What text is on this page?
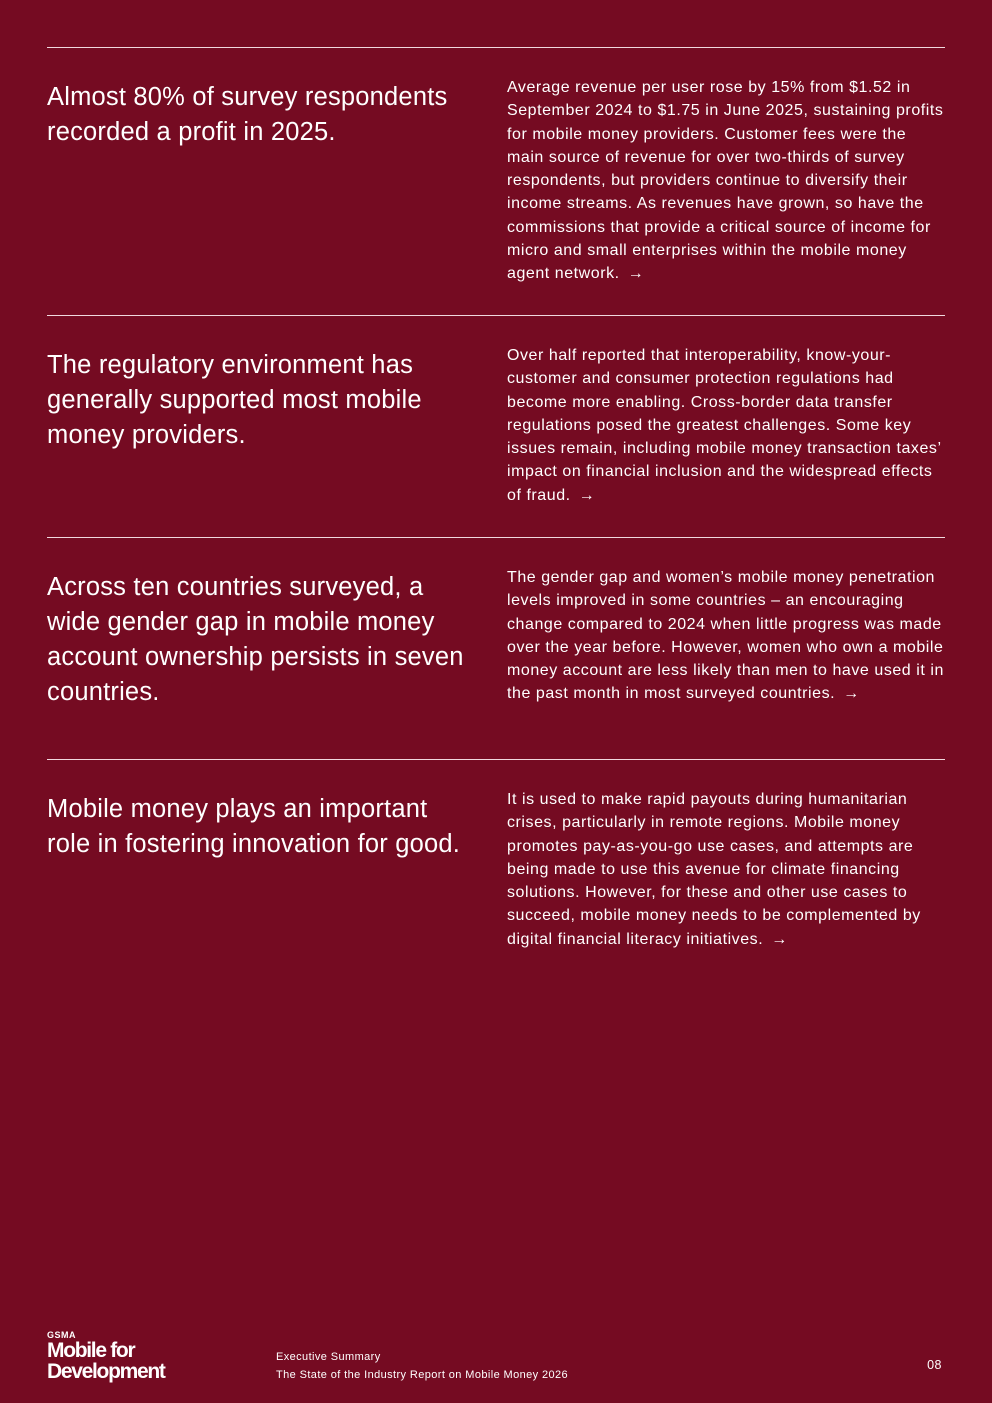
Almost 80% of survey respondents recorded a profit in 2025.

Average revenue per user rose by 15% from $1.52 in September 2024 to $1.75 in June 2025, sustaining profits for mobile money providers. Customer fees were the main source of revenue for over two-thirds of survey respondents, but providers continue to diversify their income streams. As revenues have grown, so have the commissions that provide a critical source of income for micro and small enterprises within the mobile money agent network. →

The regulatory environment has generally supported most mobile money providers.

Over half reported that interoperability, know-your-customer and consumer protection regulations had become more enabling. Cross-border data transfer regulations posed the greatest challenges. Some key issues remain, including mobile money transaction taxes’ impact on financial inclusion and the widespread effects of fraud. →

Across ten countries surveyed, a wide gender gap in mobile money account ownership persists in seven countries.

The gender gap and women’s mobile money penetration levels improved in some countries – an encouraging change compared to 2024 when little progress was made over the year before. However, women who own a mobile money account are less likely than men to have used it in the past month in most surveyed countries. →

Mobile money plays an important role in fostering innovation for good.

It is used to make rapid payouts during humanitarian crises, particularly in remote regions. Mobile money promotes pay-as-you-go use cases, and attempts are being made to use this avenue for climate financing solutions. However, for these and other use cases to succeed, mobile money needs to be complemented by digital financial literacy initiatives. →

GSMA
Mobile for
Development
Executive Summary
The State of the Industry Report on Mobile Money 2026
08
